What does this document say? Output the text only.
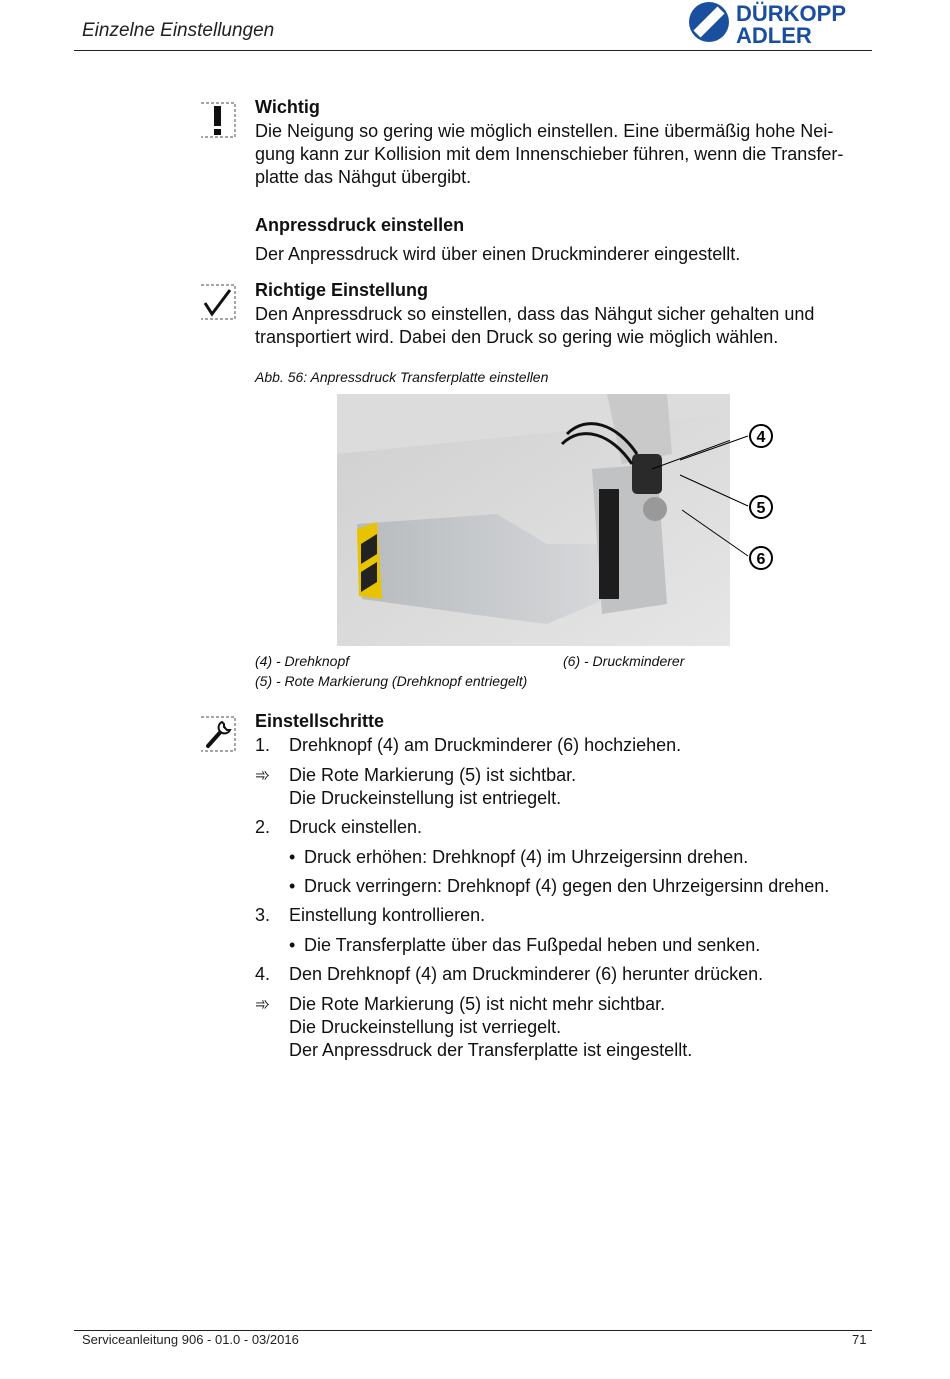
Einzelne Einstellungen
DÜRKOPP
ADLER
Wichtig
Die Neigung so gering wie möglich einstellen. Eine übermäßig hohe Nei-
gung kann zur Kollision mit dem Innenschieber führen, wenn die Transfer-
platte das Nähgut übergibt.
Anpressdruck einstellen
Der Anpressdruck wird über einen Druckminderer eingestellt.
Richtige Einstellung
Den Anpressdruck so einstellen, dass das Nähgut sicher gehalten und
transportiert wird. Dabei den Druck so gering wie möglich wählen.
Abb. 56: Anpressdruck Transferplatte einstellen
4
5
6
(4) - Drehknopf	(6) - Druckminderer
(5) - Rote Markierung (Drehknopf entriegelt)
Einstellschritte
1. Drehknopf (4) am Druckminderer (6) hochziehen.
➾ Die Rote Markierung (5) ist sichtbar.
Die Druckeinstellung ist entriegelt.
2. Druck einstellen.
• Druck erhöhen: Drehknopf (4) im Uhrzeigersinn drehen.
• Druck verringern: Drehknopf (4) gegen den Uhrzeigersinn drehen.
3. Einstellung kontrollieren.
• Die Transferplatte über das Fußpedal heben und senken.
4. Den Drehknopf (4) am Druckminderer (6) herunter drücken.
➾ Die Rote Markierung (5) ist nicht mehr sichtbar.
Die Druckeinstellung ist verriegelt.
Der Anpressdruck der Transferplatte ist eingestellt.
Serviceanleitung 906 - 01.0 - 03/2016	71
